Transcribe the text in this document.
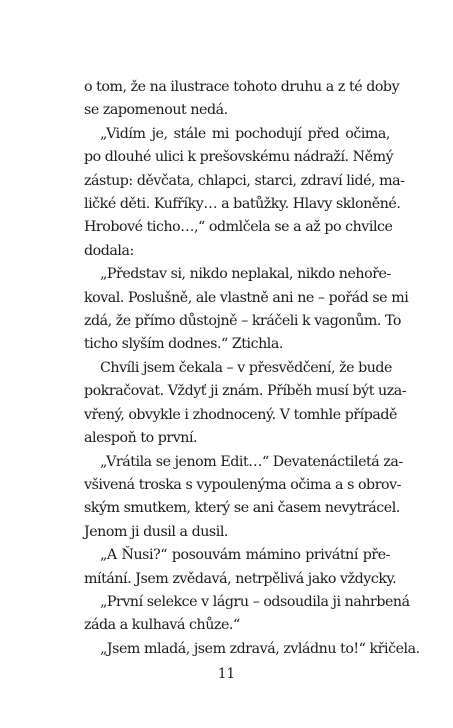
o tom, že na ilustrace tohoto druhu a z té doby
se zapomenout nedá.
„Vidím je, stále mi pochodují před očima,
po dlouhé ulici k prešovskému nádraží. Němý
zástup: děvčata, chlapci, starci, zdraví lidé, ma-
ličké děti. Kufříky… a batůžky. Hlavy skloněné.
Hrobové ticho…,“ odmlčela se a až po chvilce
dodala:
„Představ si, nikdo neplakal, nikdo nehoře-
koval. Poslušně, ale vlastně ani ne – pořád se mi
zdá, že přímo důstojně – kráčeli k vagonům. To
ticho slyším dodnes.“ Ztichla.
Chvíli jsem čekala – v přesvědčení, že bude
pokračovat. Vždyť ji znám. Příběh musí být uza-
vřený, obvykle i zhodnocený. V tomhle případě
alespoň to první.
„Vrátila se jenom Edit…“ Devatenáctiletá za-
všivená troska s vypoulenýma očima a s obrov-
ským smutkem, který se ani časem nevytrácel.
Jenom ji dusil a dusil.
„A Ňusi?“ posouvám mámino privátní pře-
mítání. Jsem zvědavá, netrpělivá jako vždycky.
„První selekce v lágru – odsoudila ji nahrbená
záda a kulhavá chůze.“
„Jsem mladá, jsem zdravá, zvládnu to!“ křičela.
11
